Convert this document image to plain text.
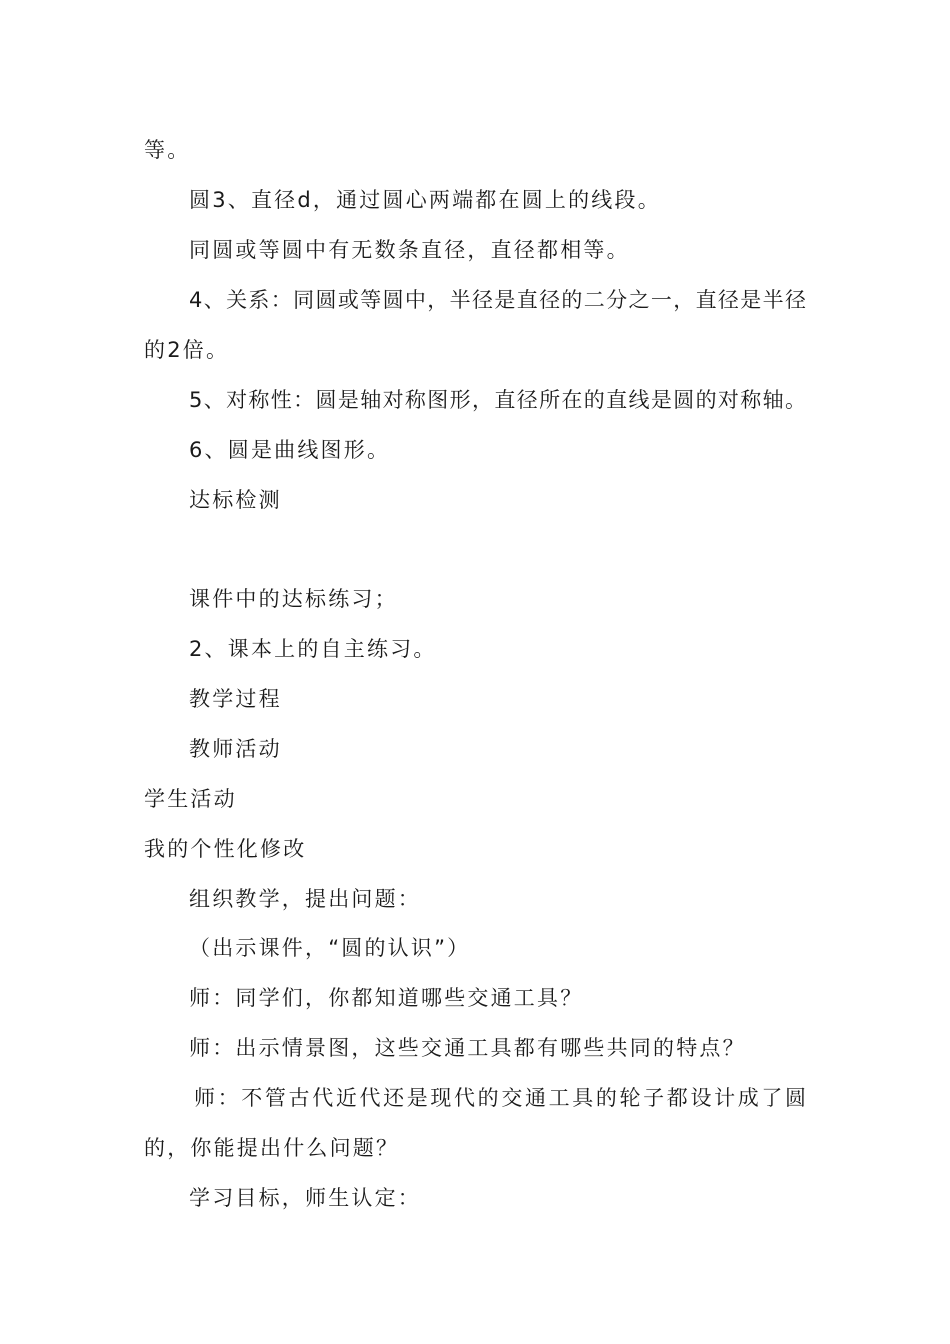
等。
圆3、直径d，通过圆心两端都在圆上的线段。
同圆或等圆中有无数条直径，直径都相等。
4、关系：同圆或等圆中，半径是直径的二分之一，直径是半径
的2倍。
5、对称性：圆是轴对称图形，直径所在的直线是圆的对称轴。
6、圆是曲线图形。
达标检测
课件中的达标练习；
2、课本上的自主练习。
教学过程
教师活动
学生活动
我的个性化修改
组织教学，提出问题：
（出示课件，“圆的认识”）
师：同学们，你都知道哪些交通工具？
师：出示情景图，这些交通工具都有哪些共同的特点？
师：不管古代近代还是现代的交通工具的轮子都设计成了圆
的，你能提出什么问题？
学习目标，师生认定：
